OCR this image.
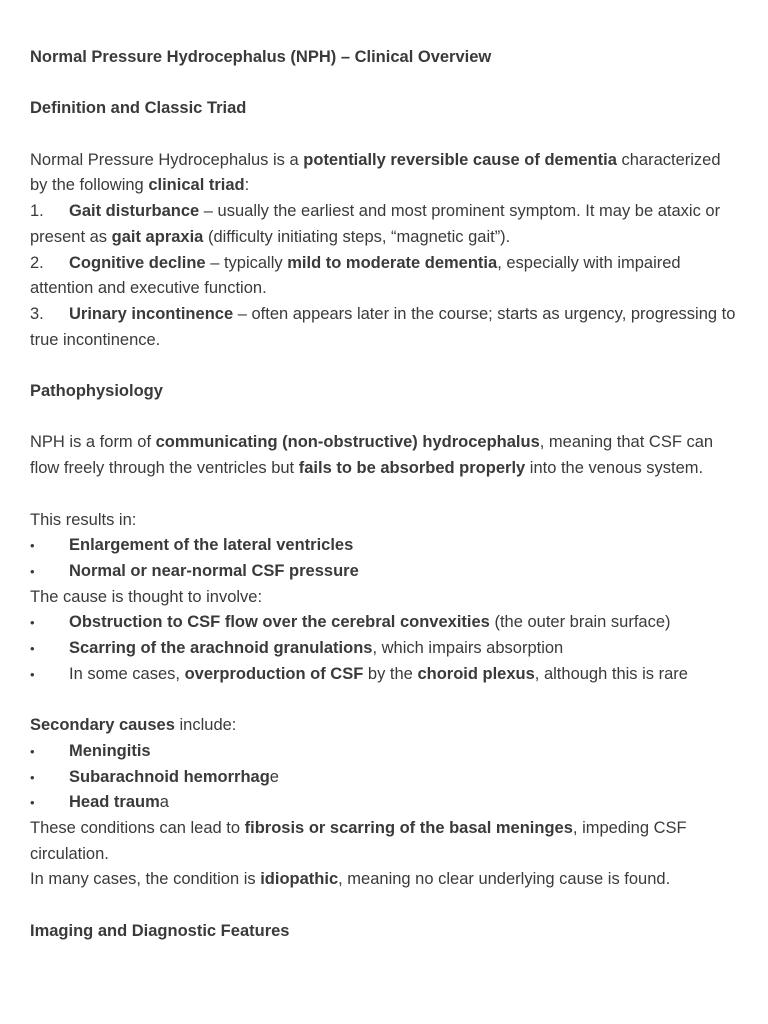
Normal Pressure Hydrocephalus (NPH) – Clinical Overview

Definition and Classic Triad

Normal Pressure Hydrocephalus is a potentially reversible cause of dementia characterized by the following clinical triad:

1. Gait disturbance – usually the earliest and most prominent symptom. It may be ataxic or present as gait apraxia (difficulty initiating steps, “magnetic gait”).

2. Cognitive decline – typically mild to moderate dementia, especially with impaired attention and executive function.

3. Urinary incontinence – often appears later in the course; starts as urgency, progressing to true incontinence.

Pathophysiology

NPH is a form of communicating (non-obstructive) hydrocephalus, meaning that CSF can flow freely through the ventricles but fails to be absorbed properly into the venous system.

This results in:

• Enlargement of the lateral ventricles

• Normal or near-normal CSF pressure

The cause is thought to involve:

• Obstruction to CSF flow over the cerebral convexities (the outer brain surface)

• Scarring of the arachnoid granulations, which impairs absorption

• In some cases, overproduction of CSF by the choroid plexus, although this is rare

Secondary causes include:

• Meningitis

• Subarachnoid hemorrhage

• Head trauma

These conditions can lead to fibrosis or scarring of the basal meninges, impeding CSF circulation.

In many cases, the condition is idiopathic, meaning no clear underlying cause is found.

Imaging and Diagnostic Features
